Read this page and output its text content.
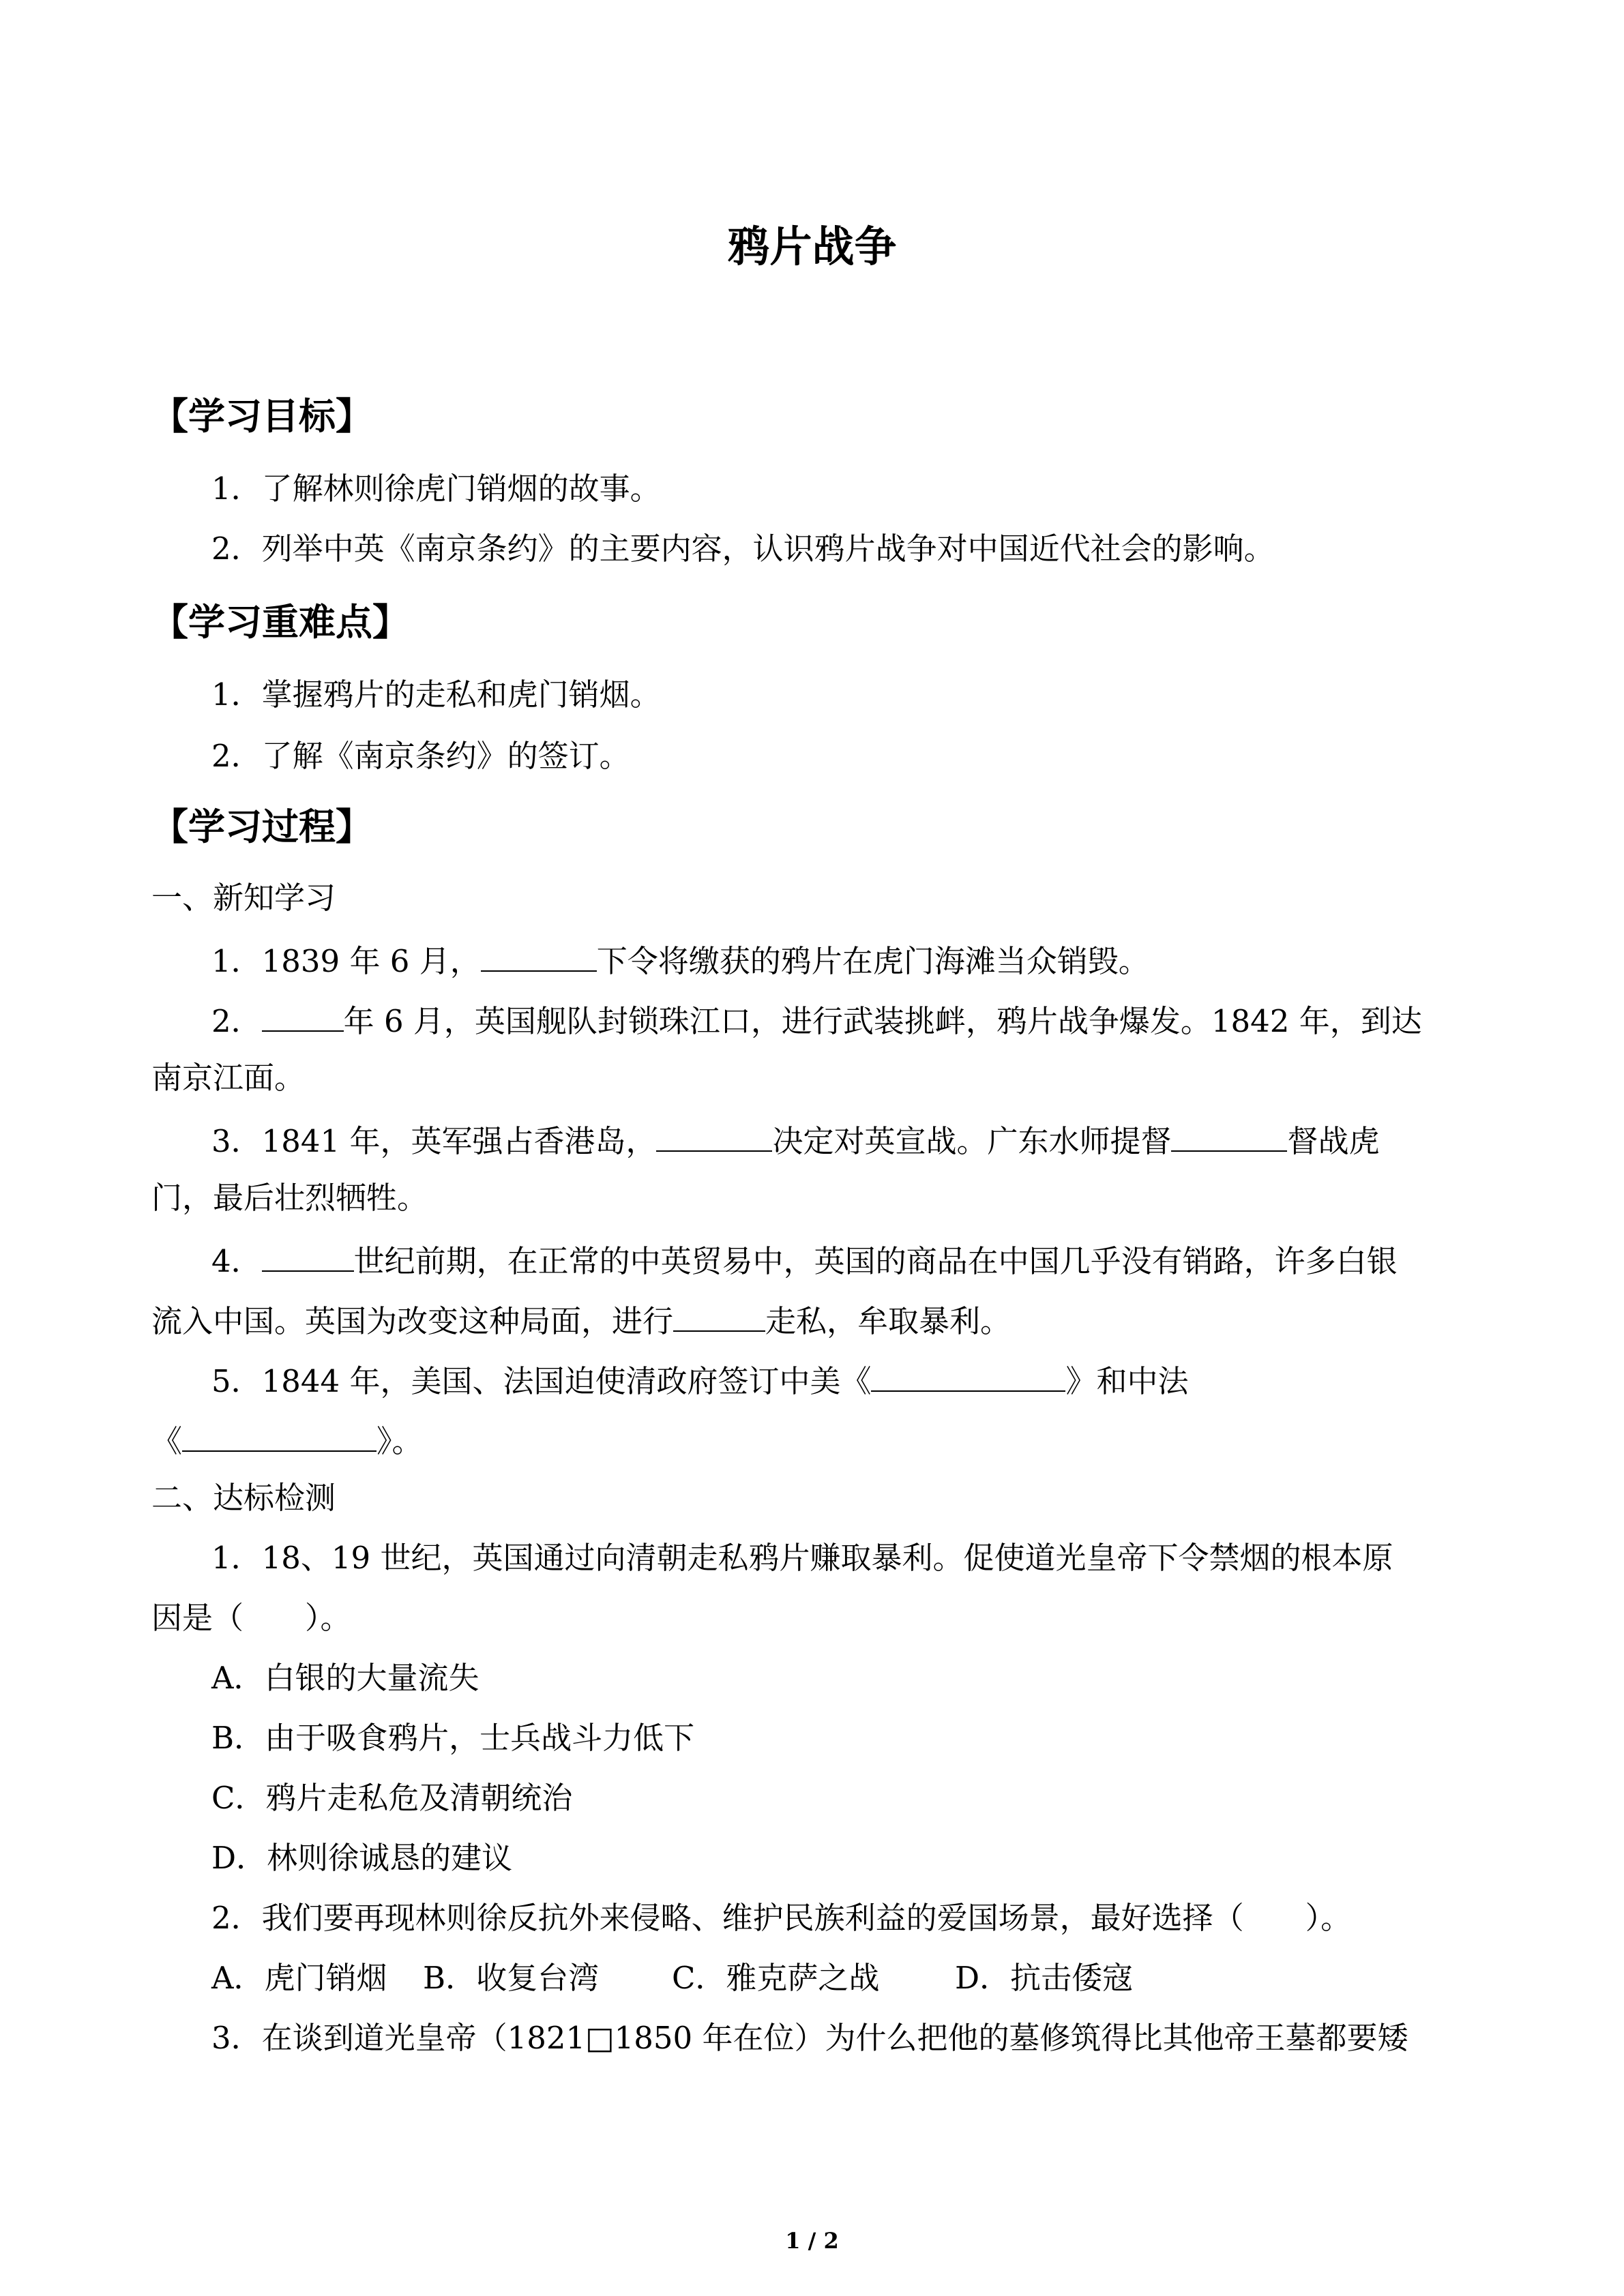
鸦片战争
【学习目标】
1．了解林则徐虎门销烟的故事。
2．列举中英《南京条约》的主要内容，认识鸦片战争对中国近代社会的影响。
【学习重难点】
1．掌握鸦片的走私和虎门销烟。
2．了解《南京条约》的签订。
【学习过程】
一、新知学习
1．1839 年 6 月，	下令将缴获的鸦片在虎门海滩当众销毁。
2．	年 6 月，英国舰队封锁珠江口，进行武装挑衅，鸦片战争爆发。1842 年，到达
南京江面。
3．1841 年，英军强占香港岛，	决定对英宣战。广东水师提督	督战虎
门，最后壮烈牺牲。
4．	世纪前期，在正常的中英贸易中，英国的商品在中国几乎没有销路，许多白银
流入中国。英国为改变这种局面，进行	走私，牟取暴利。
5．1844 年，美国、法国迫使清政府签订中美《	》和中法
《	》。
二、达标检测
1．18、19 世纪，英国通过向清朝走私鸦片赚取暴利。促使道光皇帝下令禁烟的根本原
因是（　　）。
A．白银的大量流失
B．由于吸食鸦片，士兵战斗力低下
C．鸦片走私危及清朝统治
D．林则徐诚恳的建议
2．我们要再现林则徐反抗外来侵略、维护民族利益的爱国场景，最好选择（　　）。
A．虎门销烟 B．收复台湾 C．雅克萨之战 D．抗击倭寇
3．在谈到道光皇帝（1821□1850 年在位）为什么把他的墓修筑得比其他帝王墓都要矮
1 / 2
